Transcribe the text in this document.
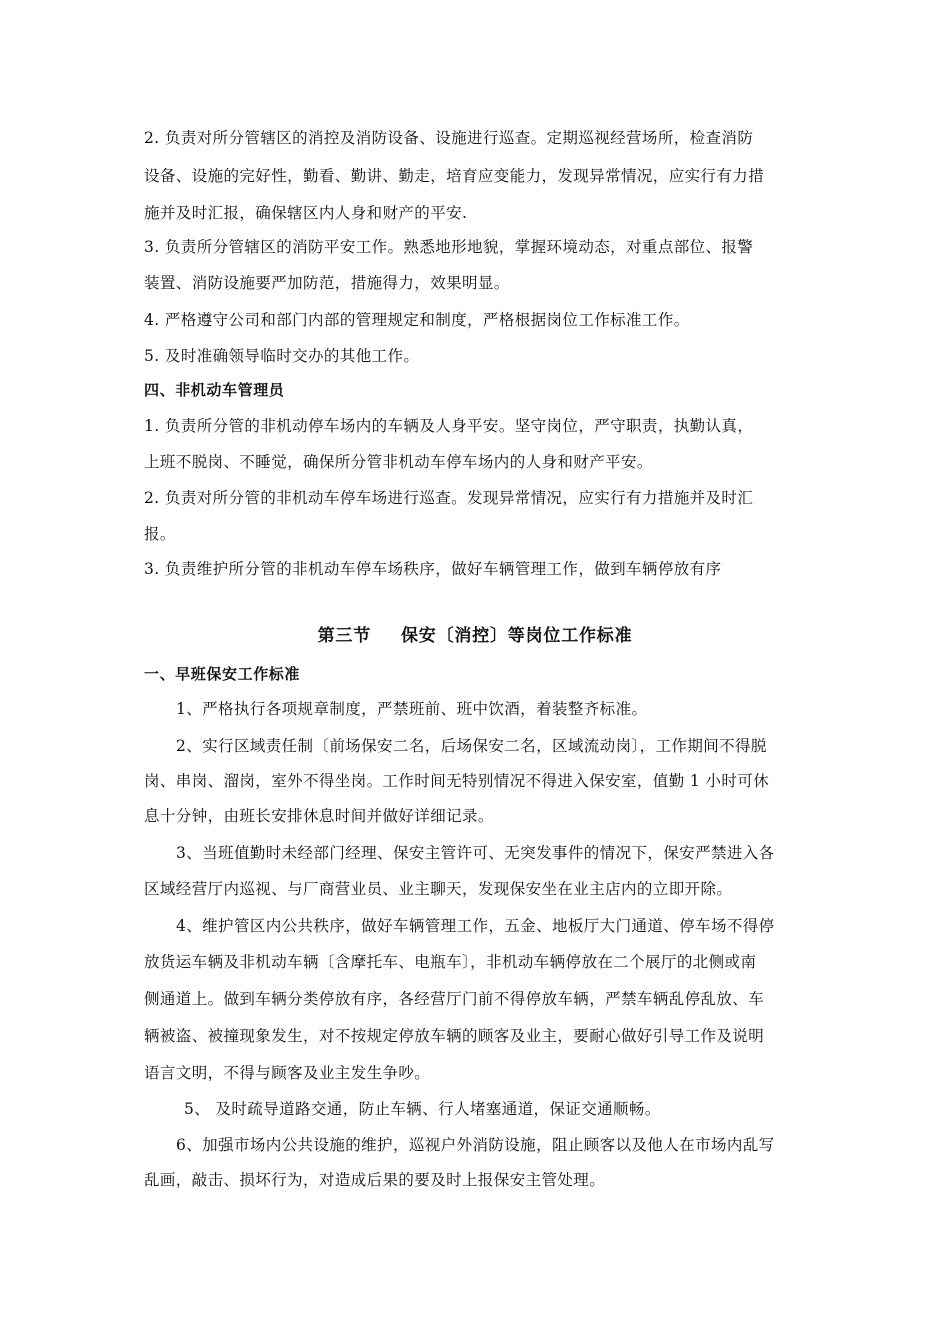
2. 负责对所分管辖区的消控及消防设备、设施进行巡查。定期巡视经营场所，检查消防
设备、设施的完好性，勤看、勤讲、勤走，培育应变能力，发现异常情况，应实行有力措
施并及时汇报，确保辖区内人身和财产的平安.
3. 负责所分管辖区的消防平安工作。熟悉地形地貌，掌握环境动态，对重点部位、报警
装置、消防设施要严加防范，措施得力，效果明显。
4. 严格遵守公司和部门内部的管理规定和制度，严格根据岗位工作标准工作。
5. 及时准确领导临时交办的其他工作。
四、非机动车管理员
1. 负责所分管的非机动停车场内的车辆及人身平安。坚守岗位，严守职责，执勤认真，
上班不脱岗、不睡觉，确保所分管非机动车停车场内的人身和财产平安。
2. 负责对所分管的非机动车停车场进行巡查。发现异常情况，应实行有力措施并及时汇
报。
3. 负责维护所分管的非机动车停车场秩序，做好车辆管理工作，做到车辆停放有序
第三节 保安〔消控〕等岗位工作标准
一、早班保安工作标准
1、严格执行各项规章制度，严禁班前、班中饮酒，着装整齐标准。
2、实行区域责任制〔前场保安二名，后场保安二名，区域流动岗〕，工作期间不得脱
岗、串岗、溜岗，室外不得坐岗。工作时间无特别情况不得进入保安室，值勤 1 小时可休
息十分钟，由班长安排休息时间并做好详细记录。
3、当班值勤时未经部门经理、保安主管许可、无突发事件的情况下，保安严禁进入各
区域经营厅内巡视、与厂商营业员、业主聊天，发现保安坐在业主店内的立即开除。
4、维护管区内公共秩序，做好车辆管理工作，五金、地板厅大门通道、停车场不得停
放货运车辆及非机动车辆〔含摩托车、电瓶车〕，非机动车辆停放在二个展厅的北侧或南
侧通道上。做到车辆分类停放有序，各经营厅门前不得停放车辆，严禁车辆乱停乱放、车
辆被盗、被撞现象发生，对不按规定停放车辆的顾客及业主，要耐心做好引导工作及说明
语言文明，不得与顾客及业主发生争吵。
5、 及时疏导道路交通，防止车辆、行人堵塞通道，保证交通顺畅。
6、加强市场内公共设施的维护，巡视户外消防设施，阻止顾客以及他人在市场内乱写
乱画，敲击、损坏行为，对造成后果的要及时上报保安主管处理。
